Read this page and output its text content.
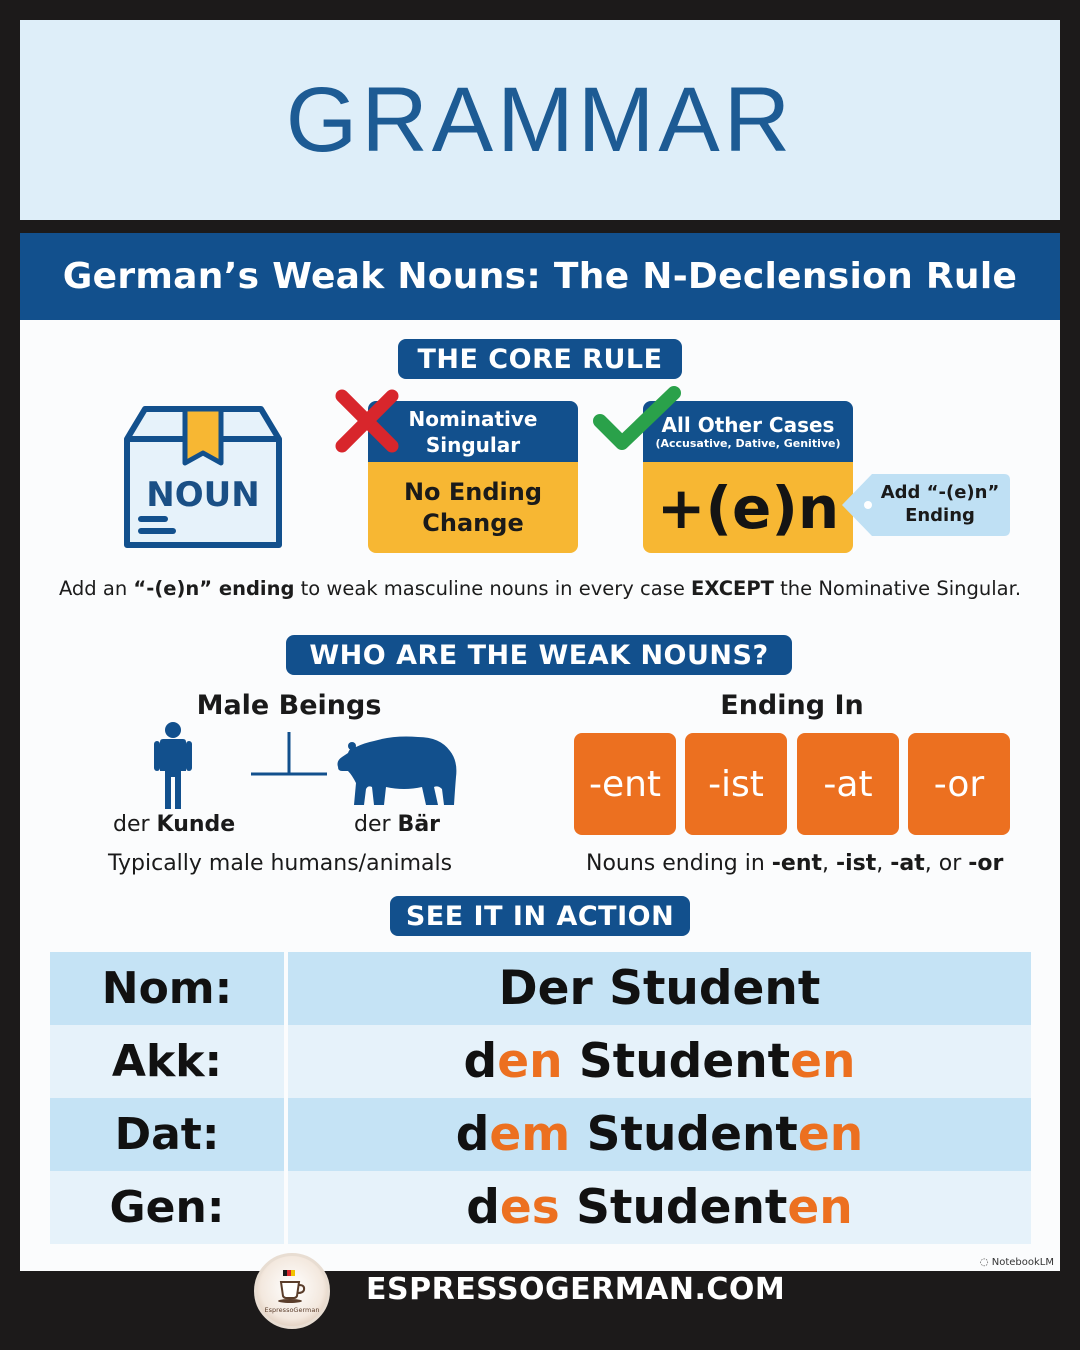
GRAMMAR
German’s Weak Nouns: The N-Declension Rule
THE CORE RULE
NOUN
Nominative
Singular
No Ending
Change
All Other Cases
(Accusative, Dative, Genitive)
+(e)n	Add “-(e)n”
Ending
Add an “-(e)n” ending to weak masculine nouns in every case EXCEPT the Nominative Singular.
WHO ARE THE WEAK NOUNS?
Male Beings
der Kunde	der Bär
Typically male humans/animals
Ending In
-ent	-ist	-at	-or
Nouns ending in -ent, -ist, -at, or -or
SEE IT IN ACTION
Nom:	Der Student
Akk:	d en Student en
Dat:	d em Student en
Gen:	d es Student en
◌ NotebookLM
EspressoGerman
ESPRESSOGERMAN.COM
